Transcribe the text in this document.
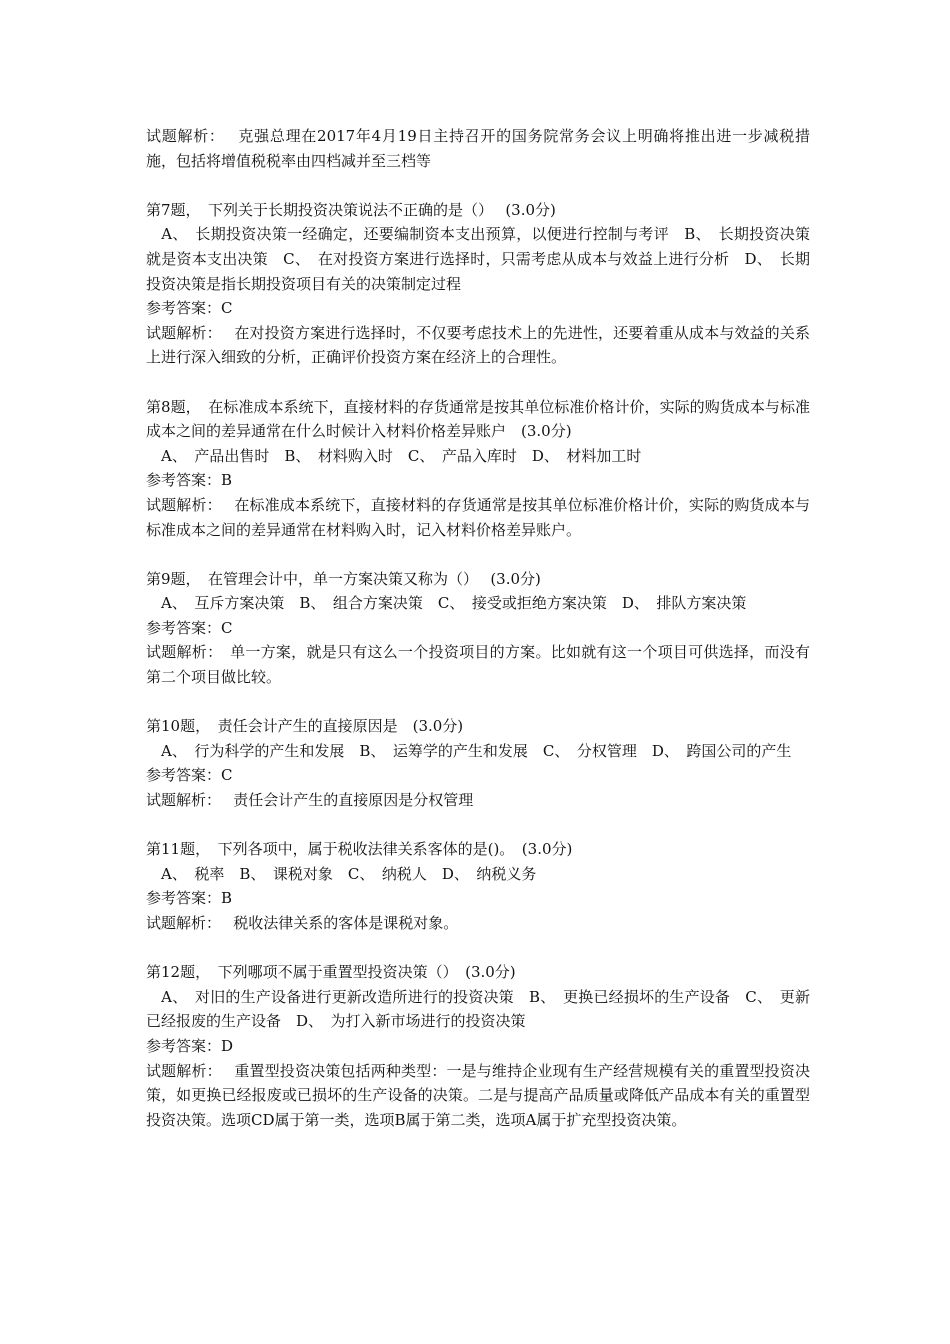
试题解析：　 克强总理在2017年4月19日主持召开的国务院常务会议上明确将推出进一步减税措施，包括将增值税税率由四档减并至三档等

第7题，　下列关于长期投资决策说法不正确的是（）　 (3.0分)

　A、　长期投资决策一经确定，还要编制资本支出预算，以便进行控制与考评　B、　长期投资决策就是资本支出决策　C、　在对投资方案进行选择时，只需考虑从成本与效益上进行分析　D、　长期投资决策是指长期投资项目有关的决策制定过程

参考答案：C

试题解析：　 在对投资方案进行选择时，不仅要考虑技术上的先进性，还要着重从成本与效益的关系上进行深入细致的分析，正确评价投资方案在经济上的合理性。

第8题，　在标准成本系统下，直接材料的存货通常是按其单位标准价格计价，实际的购货成本与标准成本之间的差异通常在什么时候计入材料价格差异账户　(3.0分)

　A、　产品出售时　B、　材料购入时　C、　产品入库时　D、　材料加工时

参考答案：B

试题解析：　 在标准成本系统下，直接材料的存货通常是按其单位标准价格计价，实际的购货成本与标准成本之间的差异通常在材料购入时，记入材料价格差异账户。

第9题，　在管理会计中，单一方案决策又称为（）　 (3.0分)

　A、　互斥方案决策　B、　组合方案决策　C、　接受或拒绝方案决策　D、　排队方案决策

参考答案：C

试题解析：　单一方案，就是只有这么一个投资项目的方案。比如就有这一个项目可供选择，而没有第二个项目做比较。

第10题，　责任会计产生的直接原因是　(3.0分)

　A、　行为科学的产生和发展　B、　运筹学的产生和发展　C、　分权管理　D、　跨国公司的产生

参考答案：C

试题解析：　 责任会计产生的直接原因是分权管理

第11题，　下列各项中，属于税收法律关系客体的是()。　(3.0分)

　A、　税率　B、　课税对象　C、　纳税人　D、　纳税义务

参考答案：B

试题解析：　 税收法律关系的客体是课税对象。

第12题，　下列哪项不属于重置型投资决策（）　(3.0分)

　A、　对旧的生产设备进行更新改造所进行的投资决策　B、　更换已经损坏的生产设备　C、　更新已经报废的生产设备　D、　为打入新市场进行的投资决策

参考答案：D

试题解析：　 重置型投资决策包括两种类型：一是与维持企业现有生产经营规模有关的重置型投资决策，如更换已经报废或已损坏的生产设备的决策。二是与提高产品质量或降低产品成本有关的重置型投资决策。选项CD属于第一类，选项B属于第二类，选项A属于扩充型投资决策。
